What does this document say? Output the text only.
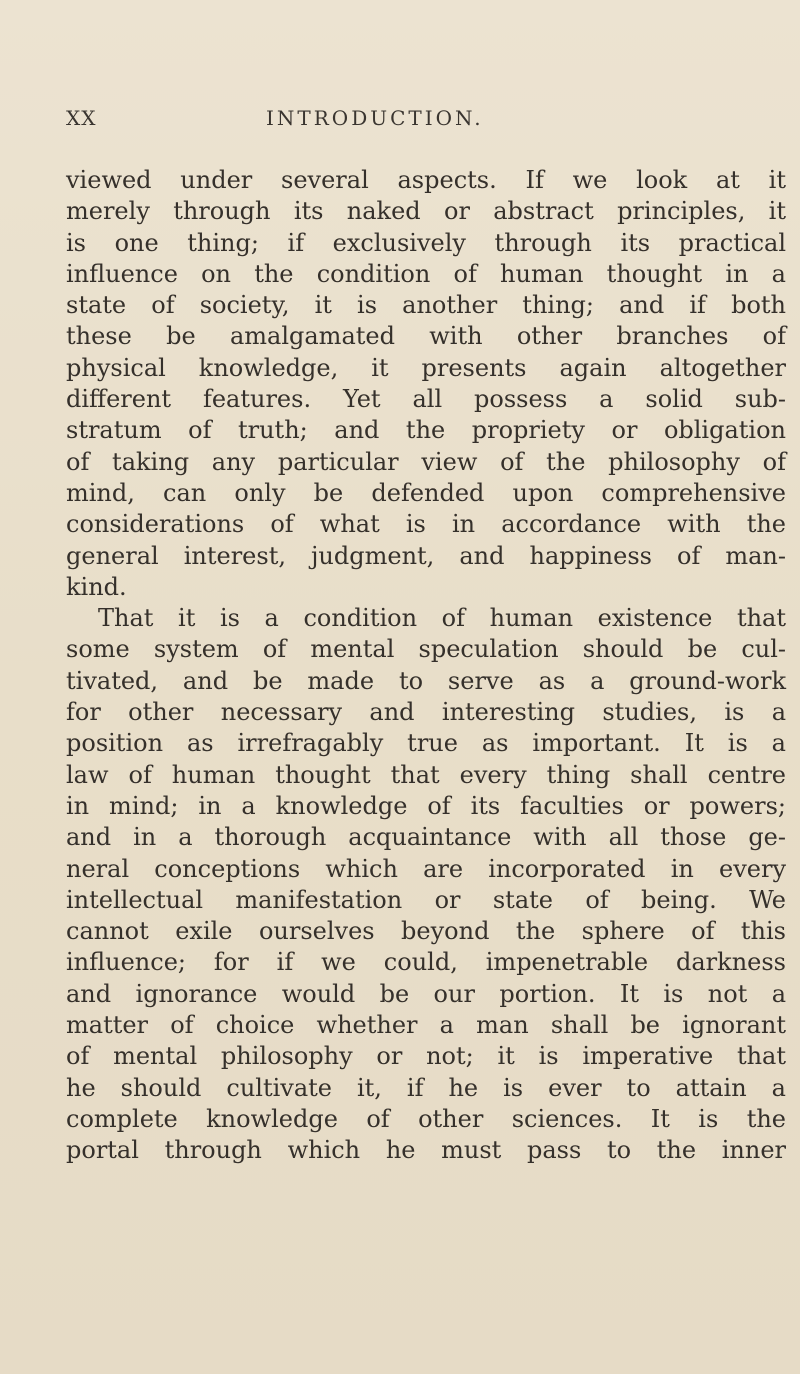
XX	INTRODUCTION.
viewed under several aspects. If we look at it
merely through its naked or abstract principles, it
is one thing; if exclusively through its practical
influence on the condition of human thought in a
state of society, it is another thing; and if both
these be amalgamated with other branches of
physical knowledge, it presents again altogether
different features. Yet all possess a solid sub-
stratum of truth; and the propriety or obligation
of taking any particular view of the philosophy of
mind, can only be defended upon comprehensive
considerations of what is in accordance with the
general interest, judgment, and happiness of man-
kind.
That it is a condition of human existence that
some system of mental speculation should be cul-
tivated, and be made to serve as a ground-work
for other necessary and interesting studies, is a
position as irrefragably true as important. It is a
law of human thought that every thing shall centre
in mind; in a knowledge of its faculties or powers;
and in a thorough acquaintance with all those ge-
neral conceptions which are incorporated in every
intellectual manifestation or state of being. We
cannot exile ourselves beyond the sphere of this
influence; for if we could, impenetrable darkness
and ignorance would be our portion. It is not a
matter of choice whether a man shall be ignorant
of mental philosophy or not; it is imperative that
he should cultivate it, if he is ever to attain a
complete knowledge of other sciences. It is the
portal through which he must pass to the inner
